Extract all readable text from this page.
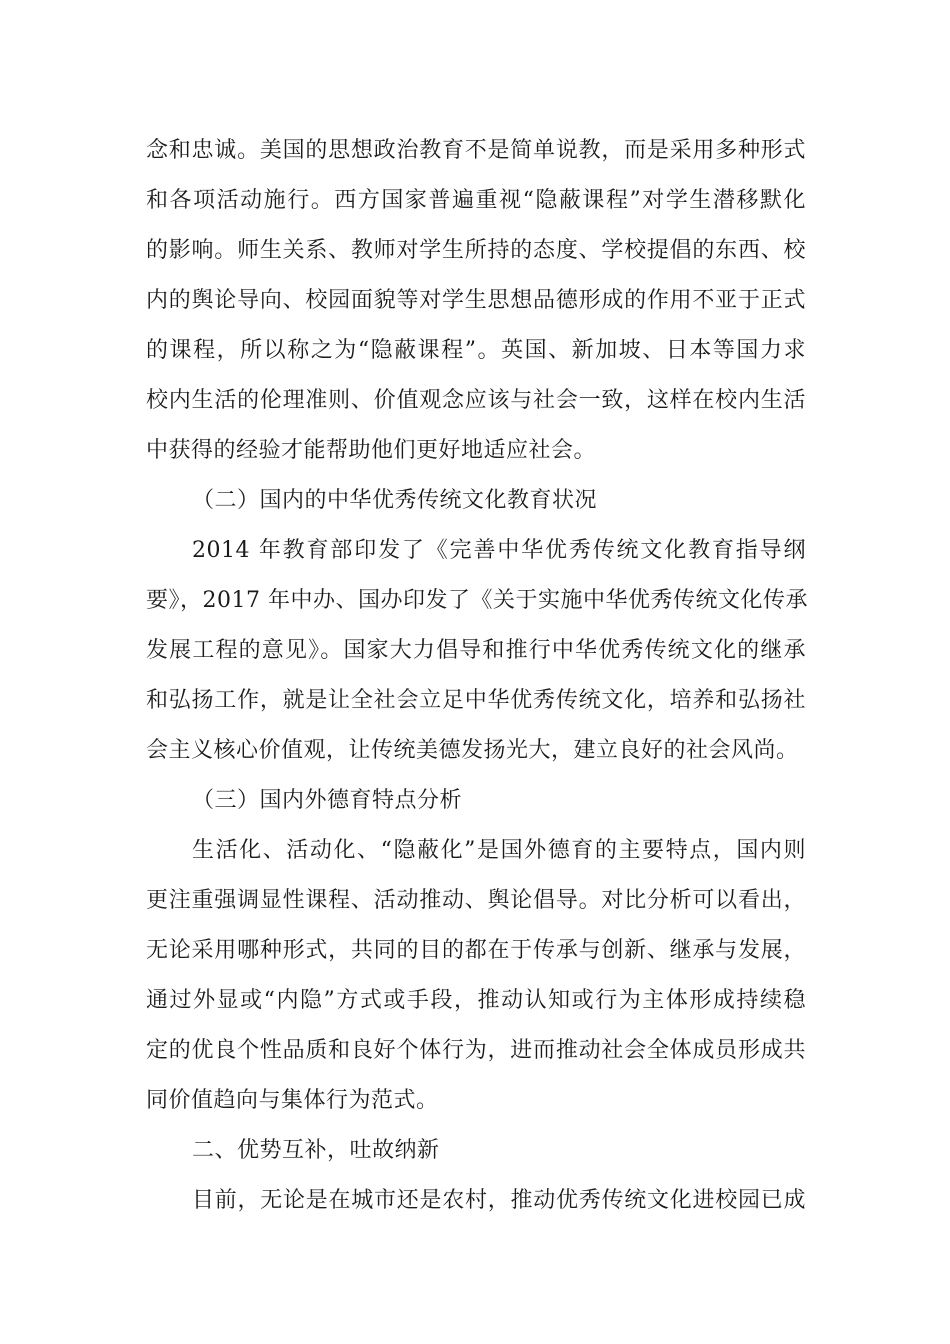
念和忠诚。美国的思想政治教育不是简单说教，而是采用多种形式
和各项活动施行。西方国家普遍重视“隐蔽课程”对学生潜移默化
的影响。师生关系、教师对学生所持的态度、学校提倡的东西、校
内的舆论导向、校园面貌等对学生思想品德形成的作用不亚于正式
的课程，所以称之为“隐蔽课程”。英国、新加坡、日本等国力求
校内生活的伦理准则、价值观念应该与社会一致，这样在校内生活
中获得的经验才能帮助他们更好地适应社会。
（二）国内的中华优秀传统文化教育状况
2014 年教育部印发了《完善中华优秀传统文化教育指导纲
要》，2017 年中办、国办印发了《关于实施中华优秀传统文化传承
发展工程的意见》。国家大力倡导和推行中华优秀传统文化的继承
和弘扬工作，就是让全社会立足中华优秀传统文化，培养和弘扬社
会主义核心价值观，让传统美德发扬光大，建立良好的社会风尚。
（三）国内外德育特点分析
生活化、活动化、“隐蔽化”是国外德育的主要特点，国内则
更注重强调显性课程、活动推动、舆论倡导。对比分析可以看出，
无论采用哪种形式，共同的目的都在于传承与创新、继承与发展，
通过外显或“内隐”方式或手段，推动认知或行为主体形成持续稳
定的优良个性品质和良好个体行为，进而推动社会全体成员形成共
同价值趋向与集体行为范式。
二、优势互补，吐故纳新
目前，无论是在城市还是农村，推动优秀传统文化进校园已成
